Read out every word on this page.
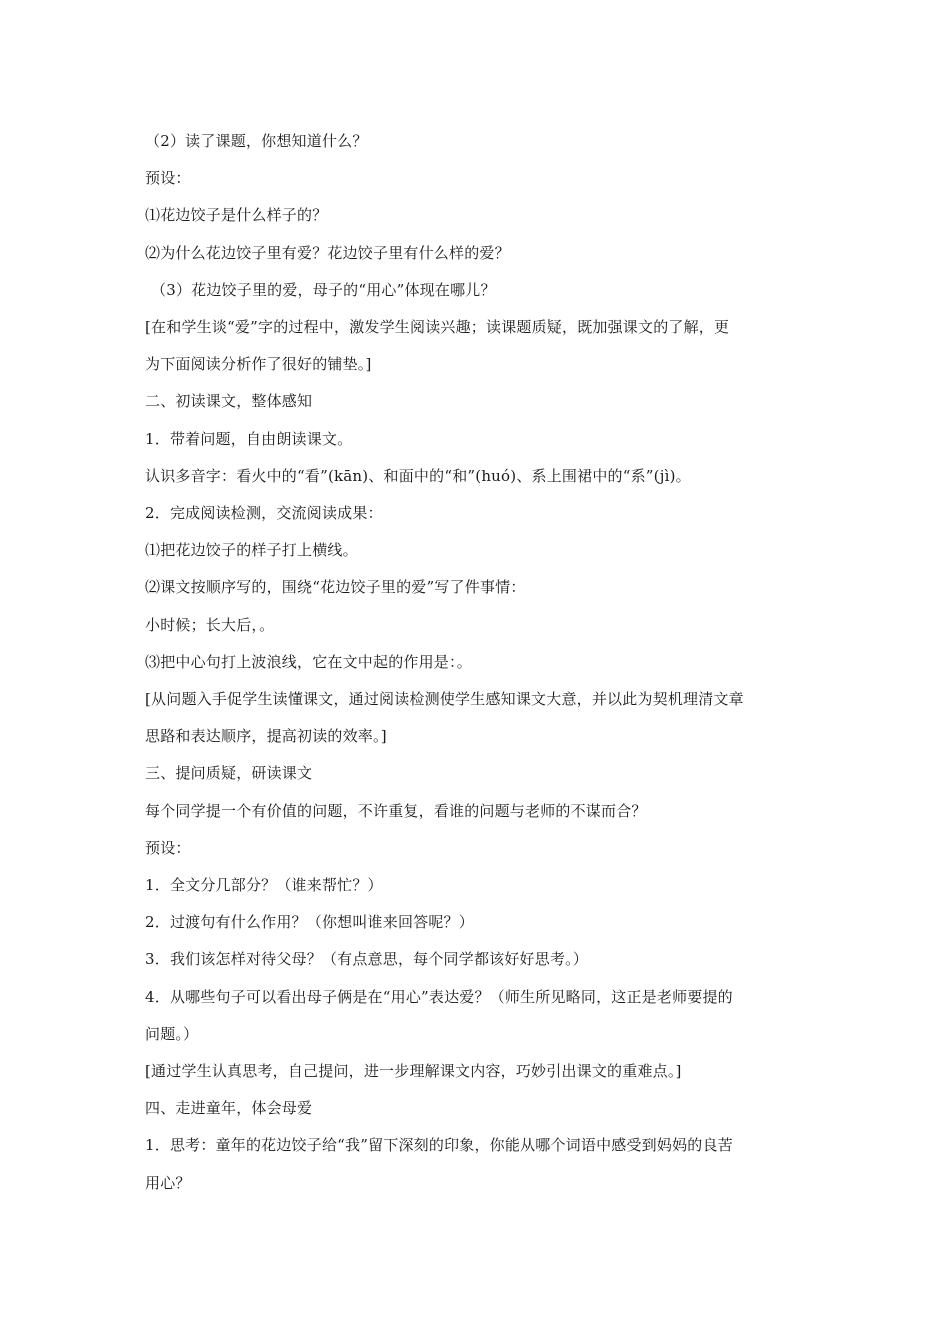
（2）读了课题，你想知道什么？
预设：
⑴花边饺子是什么样子的？
⑵为什么花边饺子里有爱？花边饺子里有什么样的爱？
（3）花边饺子里的爱，母子的“用心”体现在哪儿？
[在和学生谈“爱”字的过程中，激发学生阅读兴趣；读课题质疑，既加强课文的了解，更
为下面阅读分析作了很好的铺垫。]
二、初读课文，整体感知
1．带着问题，自由朗读课文。
认识多音字：看火中的“看”(kān)、和面中的“和”(huó)、系上围裙中的“系”(jì)。
2．完成阅读检测，交流阅读成果：
⑴把花边饺子的样子打上横线。
⑵课文按顺序写的，围绕“花边饺子里的爱”写了件事情：
小时候；长大后，。
⑶把中心句打上波浪线，它在文中起的作用是：。
[从问题入手促学生读懂课文，通过阅读检测使学生感知课文大意，并以此为契机理清文章
思路和表达顺序，提高初读的效率。]
三、提问质疑，研读课文
每个同学提一个有价值的问题，不许重复，看谁的问题与老师的不谋而合？
预设：
1．全文分几部分？（谁来帮忙？）
2．过渡句有什么作用？（你想叫谁来回答呢？）
3．我们该怎样对待父母？（有点意思，每个同学都该好好思考。）
4．从哪些句子可以看出母子俩是在“用心”表达爱？（师生所见略同，这正是老师要提的
问题。）
[通过学生认真思考，自己提问，进一步理解课文内容，巧妙引出课文的重难点。]
四、走进童年，体会母爱
1．思考：童年的花边饺子给“我”留下深刻的印象，你能从哪个词语中感受到妈妈的良苦
用心？
